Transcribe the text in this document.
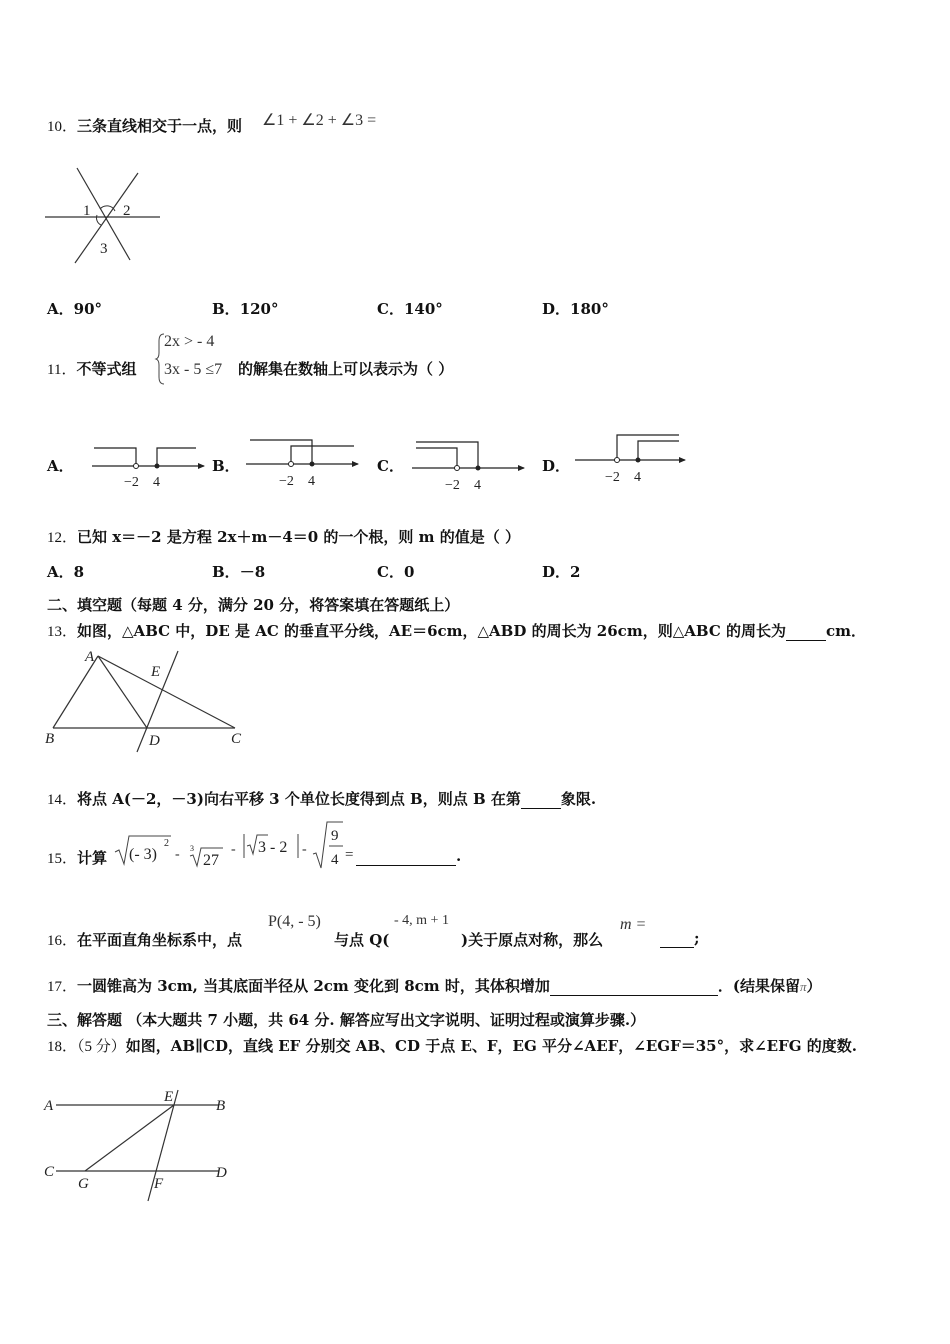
10．三条直线相交于一点，则 ∠1 + ∠2 + ∠3 =
1 2
3
A．90°	B．120°	C．140°	D．180°
11．不等式组
2x > - 4
3x - 5 ≤7 的解集在数轴上可以表示为（ ）
A．
−2 4
B．
−2 4
C．
−2 4
D．
−2 4
12．已知 x＝－2 是方程 2x＋m－4＝0 的一个根，则 m 的值是（ ）
A．8	B．－8	C．0	D．2
二、填空题（每题 4 分，满分 20 分，将答案填在答题纸上）
13．如图，△ABC 中，DE 是 AC 的垂直平分线，AE＝6cm，△ABD 的周长为 26cm，则△ABC 的周长为	cm．
A
E
B	D	C
14．将点 A(－2，－3)向右平移 3 个单位长度得到点 B，则点 B 在第	象限.
15．计算 (- 3)
2
- 3
27
- 3 - 2 -
9
4 =	.
16．在平面直角坐标系中，点
P(4, - 5)
与点 Q(
- 4, m + 1
)关于原点对称，那么
m =
;
17．一圆锥高为 3cm, 当其底面半径从 2cm 变化到 8cm 时，其体积增加	．(结果保留π）
三、解答题 （本大题共 7 小题，共 64 分. 解答应写出文字说明、证明过程或演算步骤.）
18．（5 分）如图，AB∥CD，直线 EF 分别交 AB、CD 于点 E、F，EG 平分∠AEF，∠EGF＝35°，求∠EFG 的度数.
A
E
B
C
G	F
D
